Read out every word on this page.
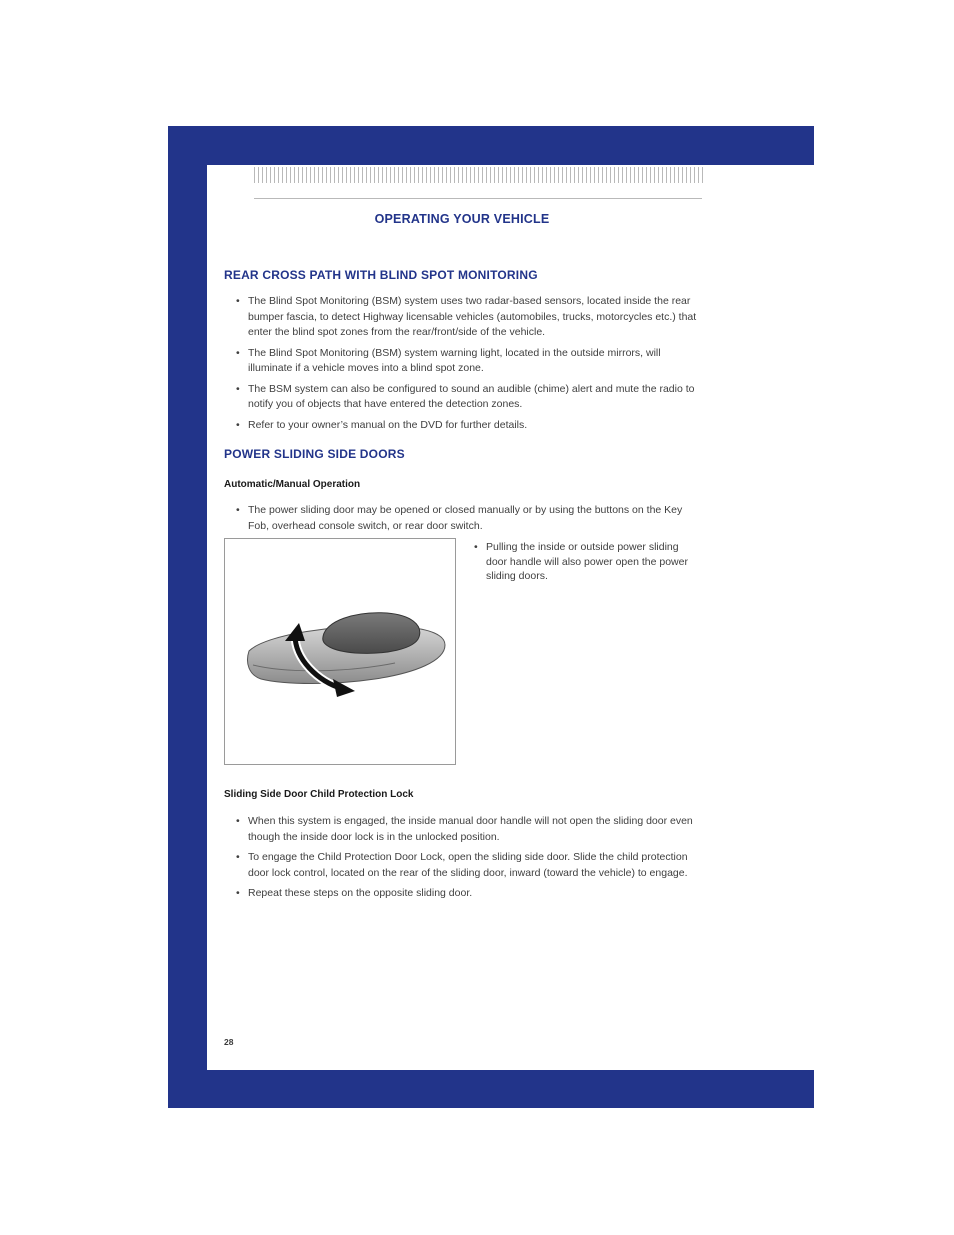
OPERATING YOUR VEHICLE
REAR CROSS PATH WITH BLIND SPOT MONITORING
• The Blind Spot Monitoring (BSM) system uses two radar-based sensors, located inside the rear bumper fascia, to detect Highway licensable vehicles (automobiles, trucks, motorcycles etc.) that enter the blind spot zones from the rear/front/side of the vehicle.
• The Blind Spot Monitoring (BSM) system warning light, located in the outside mirrors, will illuminate if a vehicle moves into a blind spot zone.
• The BSM system can also be configured to sound an audible (chime) alert and mute the radio to notify you of objects that have entered the detection zones.
• Refer to your owner’s manual on the DVD for further details.
POWER SLIDING SIDE DOORS
Automatic/Manual Operation
• The power sliding door may be opened or closed manually or by using the buttons on the Key Fob, overhead console switch, or rear door switch.
• Pulling the inside or outside power sliding door handle will also power open the power sliding doors.
Sliding Side Door Child Protection Lock
• When this system is engaged, the inside manual door handle will not open the sliding door even though the inside door lock is in the unlocked position.
• To engage the Child Protection Door Lock, open the sliding side door. Slide the child protection door lock control, located on the rear of the sliding door, inward (toward the vehicle) to engage.
• Repeat these steps on the opposite sliding door.
28
